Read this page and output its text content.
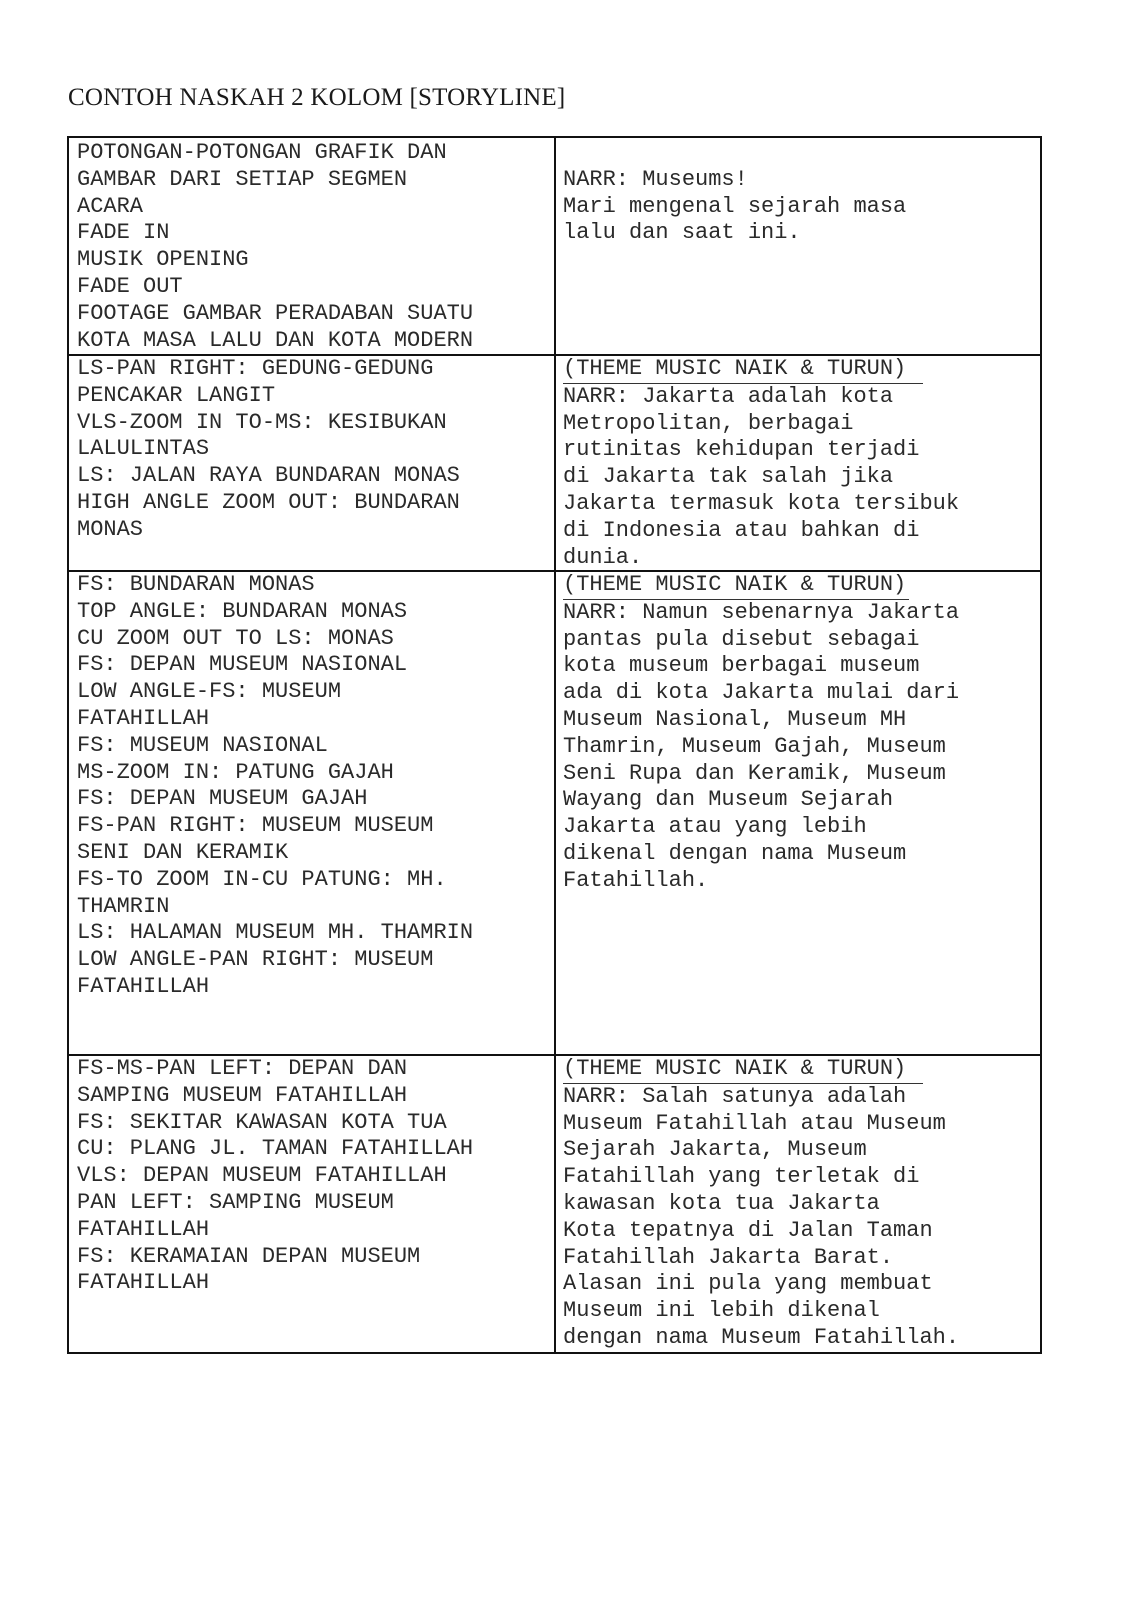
CONTOH NASKAH 2 KOLOM [STORYLINE]
POTONGAN-POTONGAN GRAFIK DAN
GAMBAR DARI SETIAP SEGMEN
ACARA
FADE IN
MUSIK OPENING
FADE OUT
FOOTAGE GAMBAR PERADABAN SUATU
KOTA MASA LALU DAN KOTA MODERN
NARR: Museums!
Mari mengenal sejarah masa
lalu dan saat ini.
LS-PAN RIGHT: GEDUNG-GEDUNG
PENCAKAR LANGIT
VLS-ZOOM IN TO-MS: KESIBUKAN
LALULINTAS
LS: JALAN RAYA BUNDARAN MONAS
HIGH ANGLE ZOOM OUT: BUNDARAN
MONAS
(THEME MUSIC NAIK & TURUN)
NARR: Jakarta adalah kota
Metropolitan, berbagai
rutinitas kehidupan terjadi
di Jakarta tak salah jika
Jakarta termasuk kota tersibuk
di Indonesia atau bahkan di
dunia.
FS: BUNDARAN MONAS
TOP ANGLE: BUNDARAN MONAS
CU ZOOM OUT TO LS: MONAS
FS: DEPAN MUSEUM NASIONAL
LOW ANGLE-FS: MUSEUM
FATAHILLAH
FS: MUSEUM NASIONAL
MS-ZOOM IN: PATUNG GAJAH
FS: DEPAN MUSEUM GAJAH
FS-PAN RIGHT: MUSEUM MUSEUM
SENI DAN KERAMIK
FS-TO ZOOM IN-CU PATUNG: MH.
THAMRIN
LS: HALAMAN MUSEUM MH. THAMRIN
LOW ANGLE-PAN RIGHT: MUSEUM
FATAHILLAH
(THEME MUSIC NAIK & TURUN)
NARR: Namun sebenarnya Jakarta
pantas pula disebut sebagai
kota museum berbagai museum
ada di kota Jakarta mulai dari
Museum Nasional, Museum MH
Thamrin, Museum Gajah, Museum
Seni Rupa dan Keramik, Museum
Wayang dan Museum Sejarah
Jakarta atau yang lebih
dikenal dengan nama Museum
Fatahillah.
FS-MS-PAN LEFT: DEPAN DAN
SAMPING MUSEUM FATAHILLAH
FS: SEKITAR KAWASAN KOTA TUA
CU: PLANG JL. TAMAN FATAHILLAH
VLS: DEPAN MUSEUM FATAHILLAH
PAN LEFT: SAMPING MUSEUM
FATAHILLAH
FS: KERAMAIAN DEPAN MUSEUM
FATAHILLAH
(THEME MUSIC NAIK & TURUN)
NARR: Salah satunya adalah
Museum Fatahillah atau Museum
Sejarah Jakarta, Museum
Fatahillah yang terletak di
kawasan kota tua Jakarta
Kota tepatnya di Jalan Taman
Fatahillah Jakarta Barat.
Alasan ini pula yang membuat
Museum ini lebih dikenal
dengan nama Museum Fatahillah.
